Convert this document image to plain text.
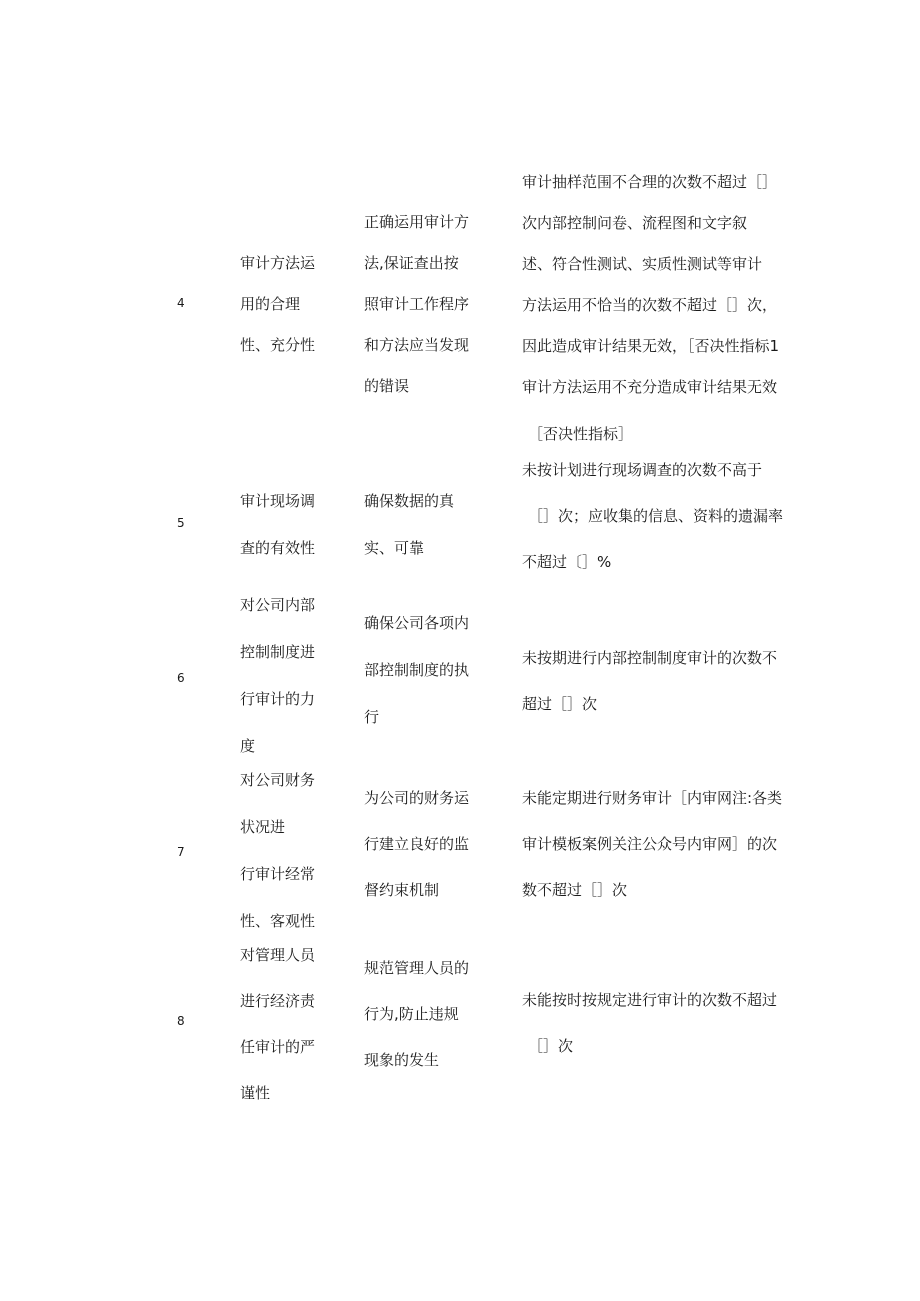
4
审计方法运
用的合理
性、充分性
正确运用审计方
法,保证查出按
照审计工作程序
和方法应当发现
的错误
审计抽样范围不合理的次数不超过［］
次内部控制问卷、流程图和文字叙
述、符合性测试、实质性测试等审计
方法运用不恰当的次数不超过［］次，
因此造成审计结果无效，［否决性指标1
审计方法运用不充分造成审计结果无效
［否决性指标］
5
审计现场调
查的有效性
确保数据的真
实、可靠
未按计划进行现场调查的次数不高于
［］次；应收集的信息、资料的遗漏率
不超过〔］%
6
对公司内部
控制制度进
行审计的力
度
确保公司各项内
部控制制度的执
行
未按期进行内部控制制度审计的次数不
超过［］次
7
对公司财务
状况进
行审计经常
性、客观性
为公司的财务运
行建立良好的监
督约束机制
未能定期进行财务审计［内审网注:各类
审计模板案例关注公众号内审网］的次
数不超过［］次
8
对管理人员
进行经济责
任审计的严
谨性
规范管理人员的
行为,防止违规
现象的发生
未能按时按规定进行审计的次数不超过
［］次
